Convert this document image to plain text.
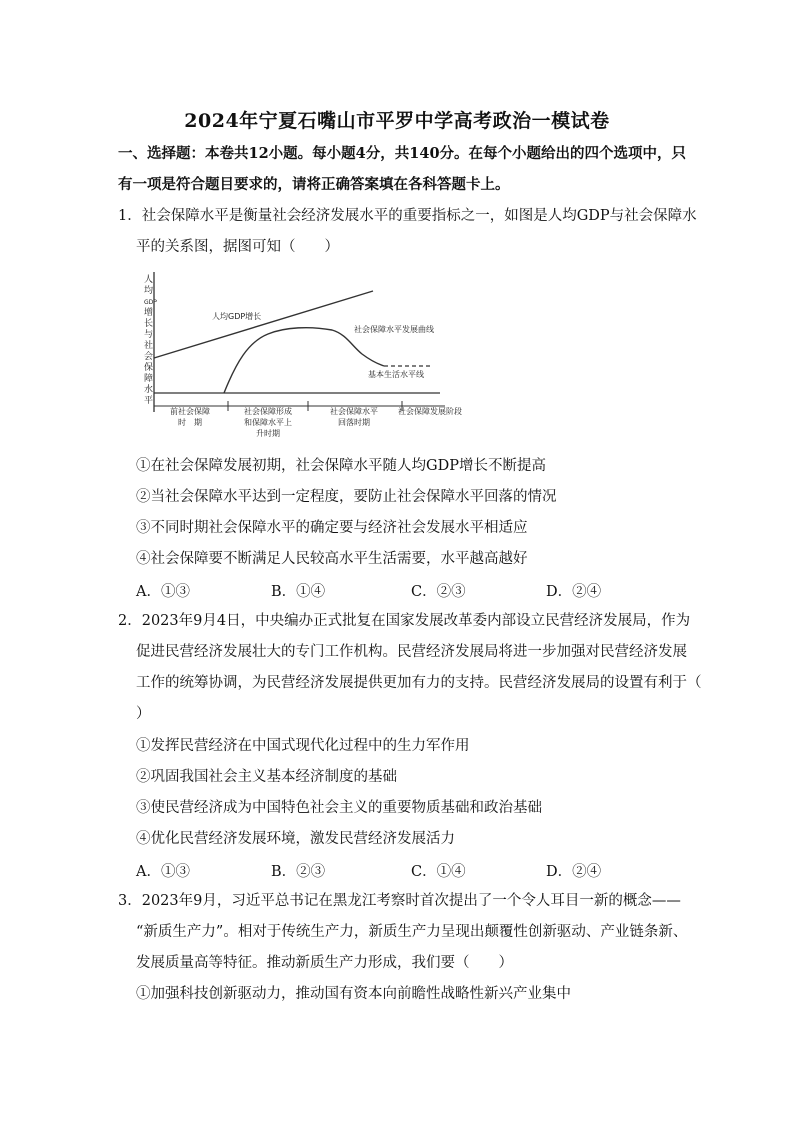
2024年宁夏石嘴山市平罗中学高考政治一模试卷
一、选择题：本卷共12小题。每小题4分，共140分。在每个小题给出的四个选项中，只
有一项是符合题目要求的，请将正确答案填在各科答题卡上。
1．社会保障水平是衡量社会经济发展水平的重要指标之一，如图是人均GDP与社会保障水
平的关系图，据图可知（　　）
人
均
GDP
增
长
与
社
会
保
障
水
平
人均GDP增长
社会保障水平发展曲线
基本生活水平线
前社会保障
时　期
社会保障形成
和保障水平上
升时期
社会保障水平
回落时期
社会保障发展阶段
①在社会保障发展初期，社会保障水平随人均GDP增长不断提高
②当社会保障水平达到一定程度，要防止社会保障水平回落的情况
③不同时期社会保障水平的确定要与经济社会发展水平相适应
④社会保障要不断满足人民较高水平生活需要，水平越高越好
A．①③	B．①④	C．②③	D．②④
2．2023年9月4日，中央编办正式批复在国家发展改革委内部设立民营经济发展局，作为
促进民营经济发展壮大的专门工作机构。民营经济发展局将进一步加强对民营经济发展
工作的统筹协调，为民营经济发展提供更加有力的支持。民营经济发展局的设置有利于（
）
①发挥民营经济在中国式现代化过程中的生力军作用
②巩固我国社会主义基本经济制度的基础
③使民营经济成为中国特色社会主义的重要物质基础和政治基础
④优化民营经济发展环境，激发民营经济发展活力
A．①③	B．②③	C．①④	D．②④
3．2023年9月，习近平总书记在黑龙江考察时首次提出了一个令人耳目一新的概念——
“新质生产力”。相对于传统生产力，新质生产力呈现出颠覆性创新驱动、产业链条新、
发展质量高等特征。推动新质生产力形成，我们要（　　）
①加强科技创新驱动力，推动国有资本向前瞻性战略性新兴产业集中
